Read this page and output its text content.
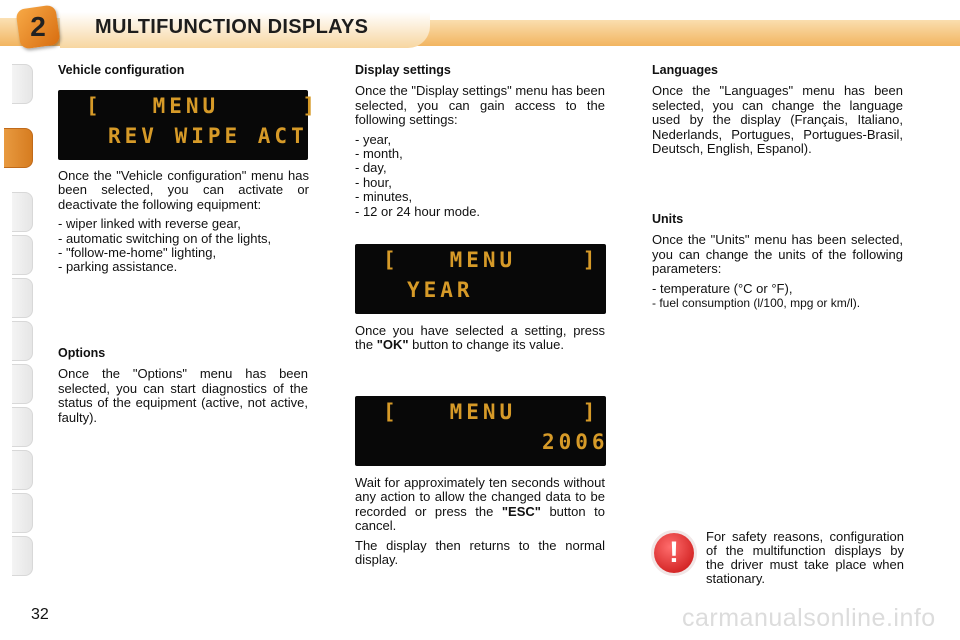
2	MULTIFUNCTION DISPLAYS
Vehicle configuration
[   MENU     ]
REV WIPE ACT

Once the "Vehicle configuration" menu has been selected, you can activate or deactivate the following equipment:

- wiper linked with reverse gear,
- automatic switching on of the lights,
- "follow-me-home" lighting,
- parking assistance.
Options

Once the "Options" menu has been selected, you can start diagnostics of the status of the equipment (active, not active, faulty).

Display settings

Once the "Display settings" menu has been selected, you can gain access to the following settings:

- year,
- month,
- day,
- hour,
- minutes,
- 12 or 24 hour mode.
[   MENU    ]
YEAR

Once you have selected a setting, press the "OK" button to change its value.

[   MENU    ]
2006

Wait for approximately ten seconds without any action to allow the changed data to be recorded or press the "ESC" button to cancel.

The display then returns to the normal display.

Languages

Once the "Languages" menu has been selected, you can change the language used by the display (Français, Italiano, Nederlands, Portugues, Portugues-Brasil, Deutsch, English, Espanol).

Units

Once the "Units" menu has been selected, you can change the units of the following parameters:

- temperature (°C or °F),
- fuel consumption (l/100, mpg or km/l).
!	For safety reasons, configuration of the multifunction displays by the driver must take place when stationary.
32	carmanualsonline.info
